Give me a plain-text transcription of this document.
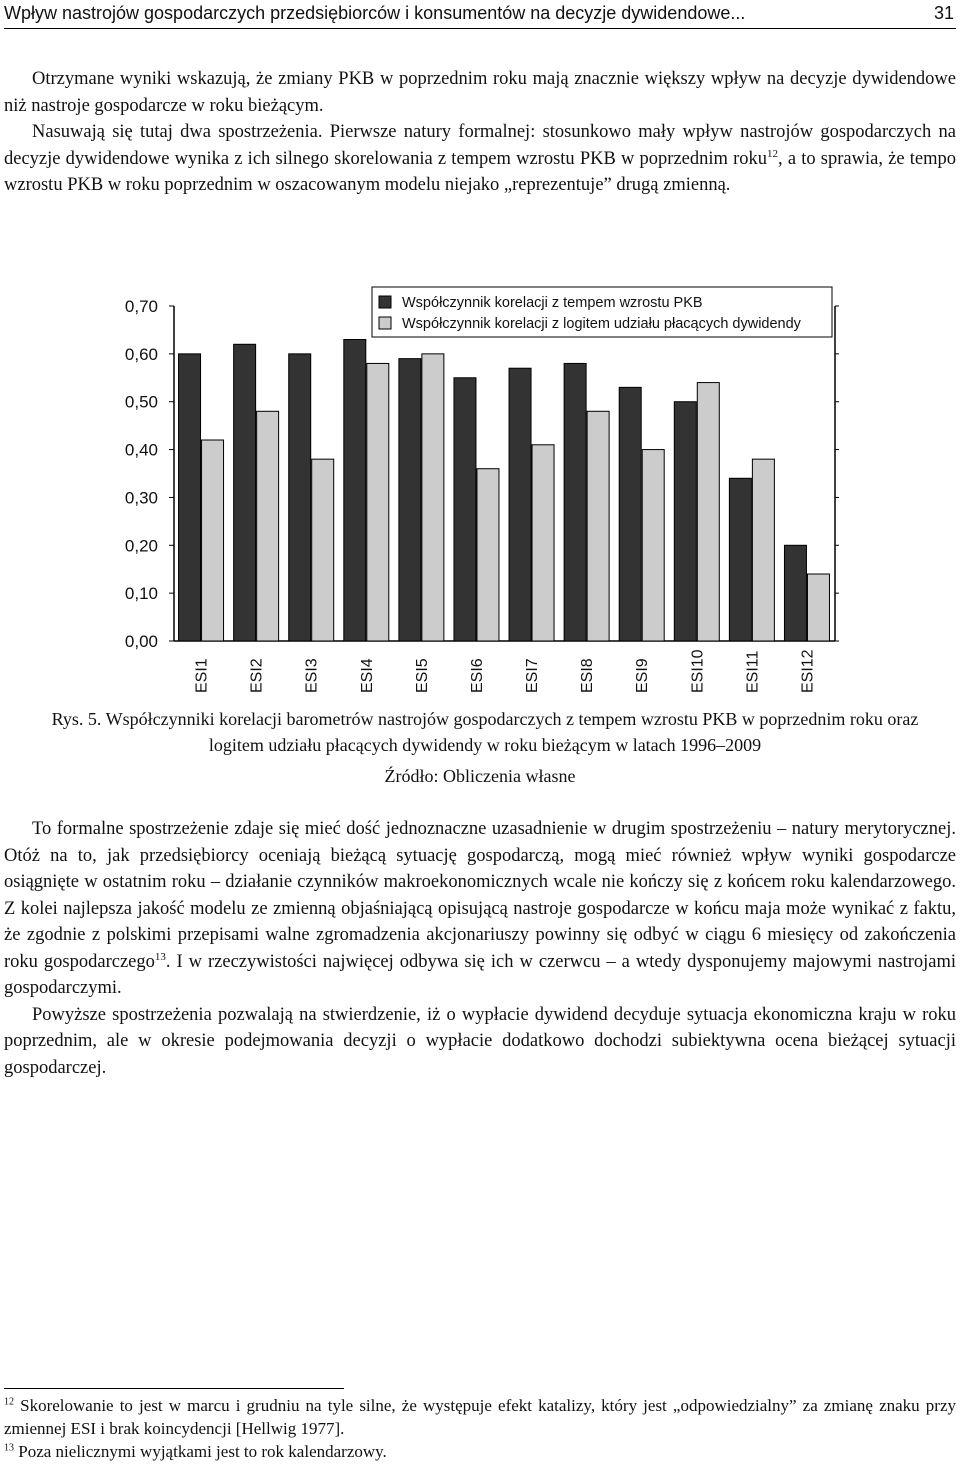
Wpływ nastrojów gospodarczych przedsiębiorców i konsumentów na decyzje dywidendowe...	31

Otrzymane wyniki wskazują, że zmiany PKB w poprzednim roku mają znacznie większy wpływ na decyzje dywidendowe niż nastroje gospodarcze w roku bieżącym.

Nasuwają się tutaj dwa spostrzeżenia. Pierwsze natury formalnej: stosunkowo mały wpływ nastrojów gospodarczych na decyzje dywidendowe wynika z ich silnego skorelowania z tempem wzrostu PKB w poprzednim roku$^{12}$, a to sprawia, że tempo wzrostu PKB w roku poprzednim w oszacowanym modelu niejako „reprezentuje” drugą zmienną.

0,00
0,10
0,20
0,30
0,40
0,50
0,60
0,70
ESI1 ESI2 ESI3 ESI4 ESI5 ESI6 ESI7 ESI8 ESI9 ESI10 ESI11 ESI12
Współczynnik korelacji z tempem wzrostu PKB
Współczynnik korelacji z logitem udziału płacących dywidendy
Rys. 5. Współczynniki korelacji barometrów nastrojów gospodarczych z tempem wzrostu PKB w poprzednim roku oraz logitem udziału płacących dywidendy w roku bieżącym w latach 1996–2009
Źródło: Obliczenia własne

To formalne spostrzeżenie zdaje się mieć dość jednoznaczne uzasadnienie w drugim spostrzeżeniu – natury merytorycznej. Otóż na to, jak przedsiębiorcy oceniają bieżącą sytuację gospodarczą, mogą mieć również wpływ wyniki gospodarcze osiągnięte w ostatnim roku – działanie czynników makroekonomicznych wcale nie kończy się z końcem roku kalendarzowego. Z kolei najlepsza jakość modelu ze zmienną objaśniającą opisującą nastroje gospodarcze w końcu maja może wynikać z faktu, że zgodnie z polskimi przepisami walne zgromadzenia akcjonariuszy powinny się odbyć w ciągu 6 miesięcy od zakończenia roku gospodarczego$^{13}$. I w rzeczywistości najwięcej odbywa się ich w czerwcu – a wtedy dysponujemy majowymi nastrojami gospodarczymi.

Powyższe spostrzeżenia pozwalają na stwierdzenie, iż o wypłacie dywidend decyduje sytuacja ekonomiczna kraju w roku poprzednim, ale w okresie podejmowania decyzji o wypłacie dodatkowo dochodzi subiektywna ocena bieżącej sytuacji gospodarczej.

$^{12}$ Skorelowanie to jest w marcu i grudniu na tyle silne, że występuje efekt katalizy, który jest „odpowiedzialny” za zmianę znaku przy zmiennej ESI i brak koincydencji [Hellwig 1977].

$^{13}$ Poza nielicznymi wyjątkami jest to rok kalendarzowy.
